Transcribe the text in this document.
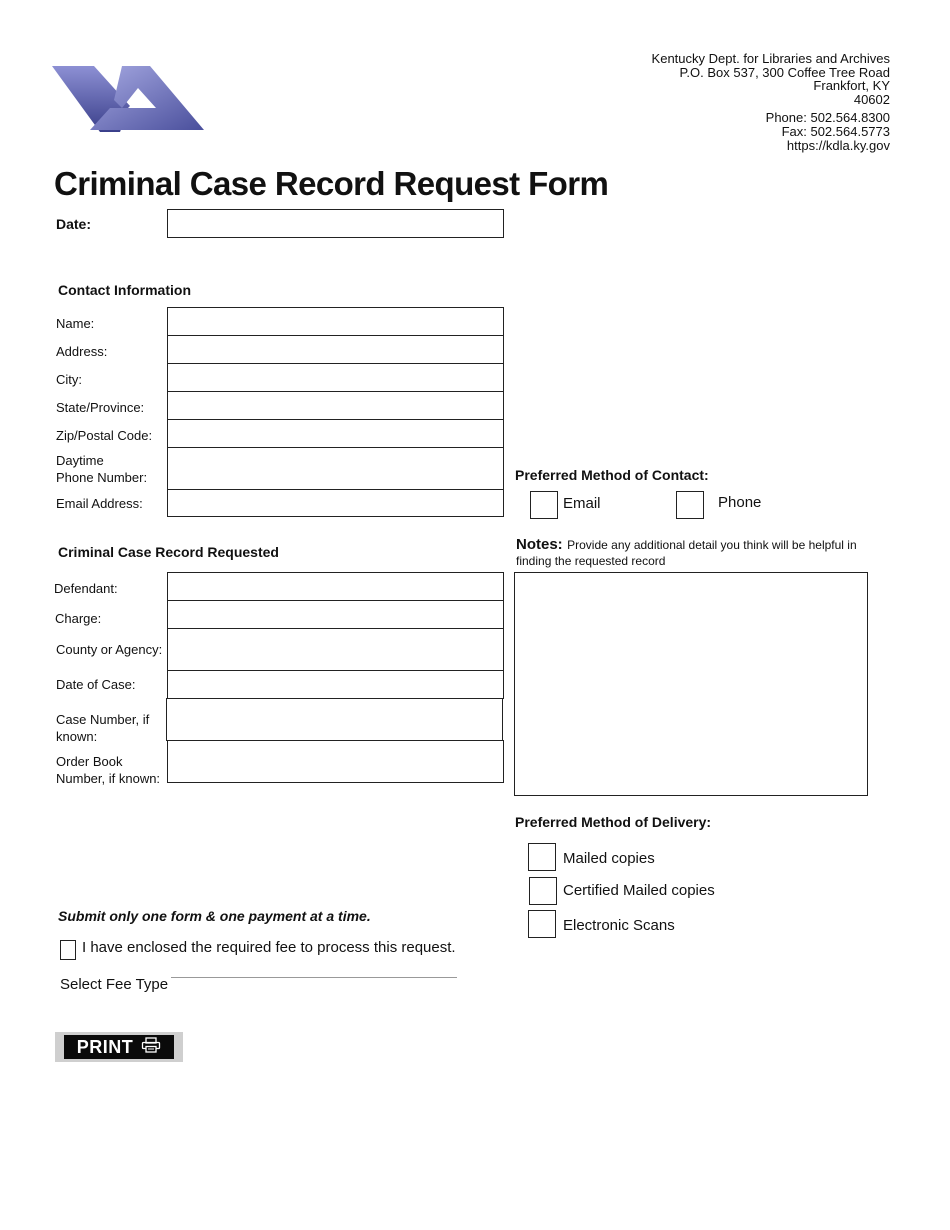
Kentucky Dept. for Libraries and Archives
P.O. Box 537, 300 Coffee Tree Road
Frankfort, KY
40602
Phone: 502.564.8300
Fax: 502.564.5773
https://kdla.ky.gov
Criminal Case Record Request Form
Date:
Contact Information
Name:
Address:
City:
State/Province:
Zip/Postal Code:
Daytime
Phone Number:
Email Address:
Preferred Method of Contact:
Email	Phone
Criminal Case Record Requested
Defendant:
Charge:
County or Agency:
Date of Case:
Case Number, if
known:
Order Book
Number, if known:
Notes: Provide any additional detail you think will be helpful in
finding the requested record
Preferred Method of Delivery:
Mailed copies
Certified Mailed copies
Electronic Scans
Submit only one form & one payment at a time.
I have enclosed the required fee to process this request.
Select Fee Type
PRINT
